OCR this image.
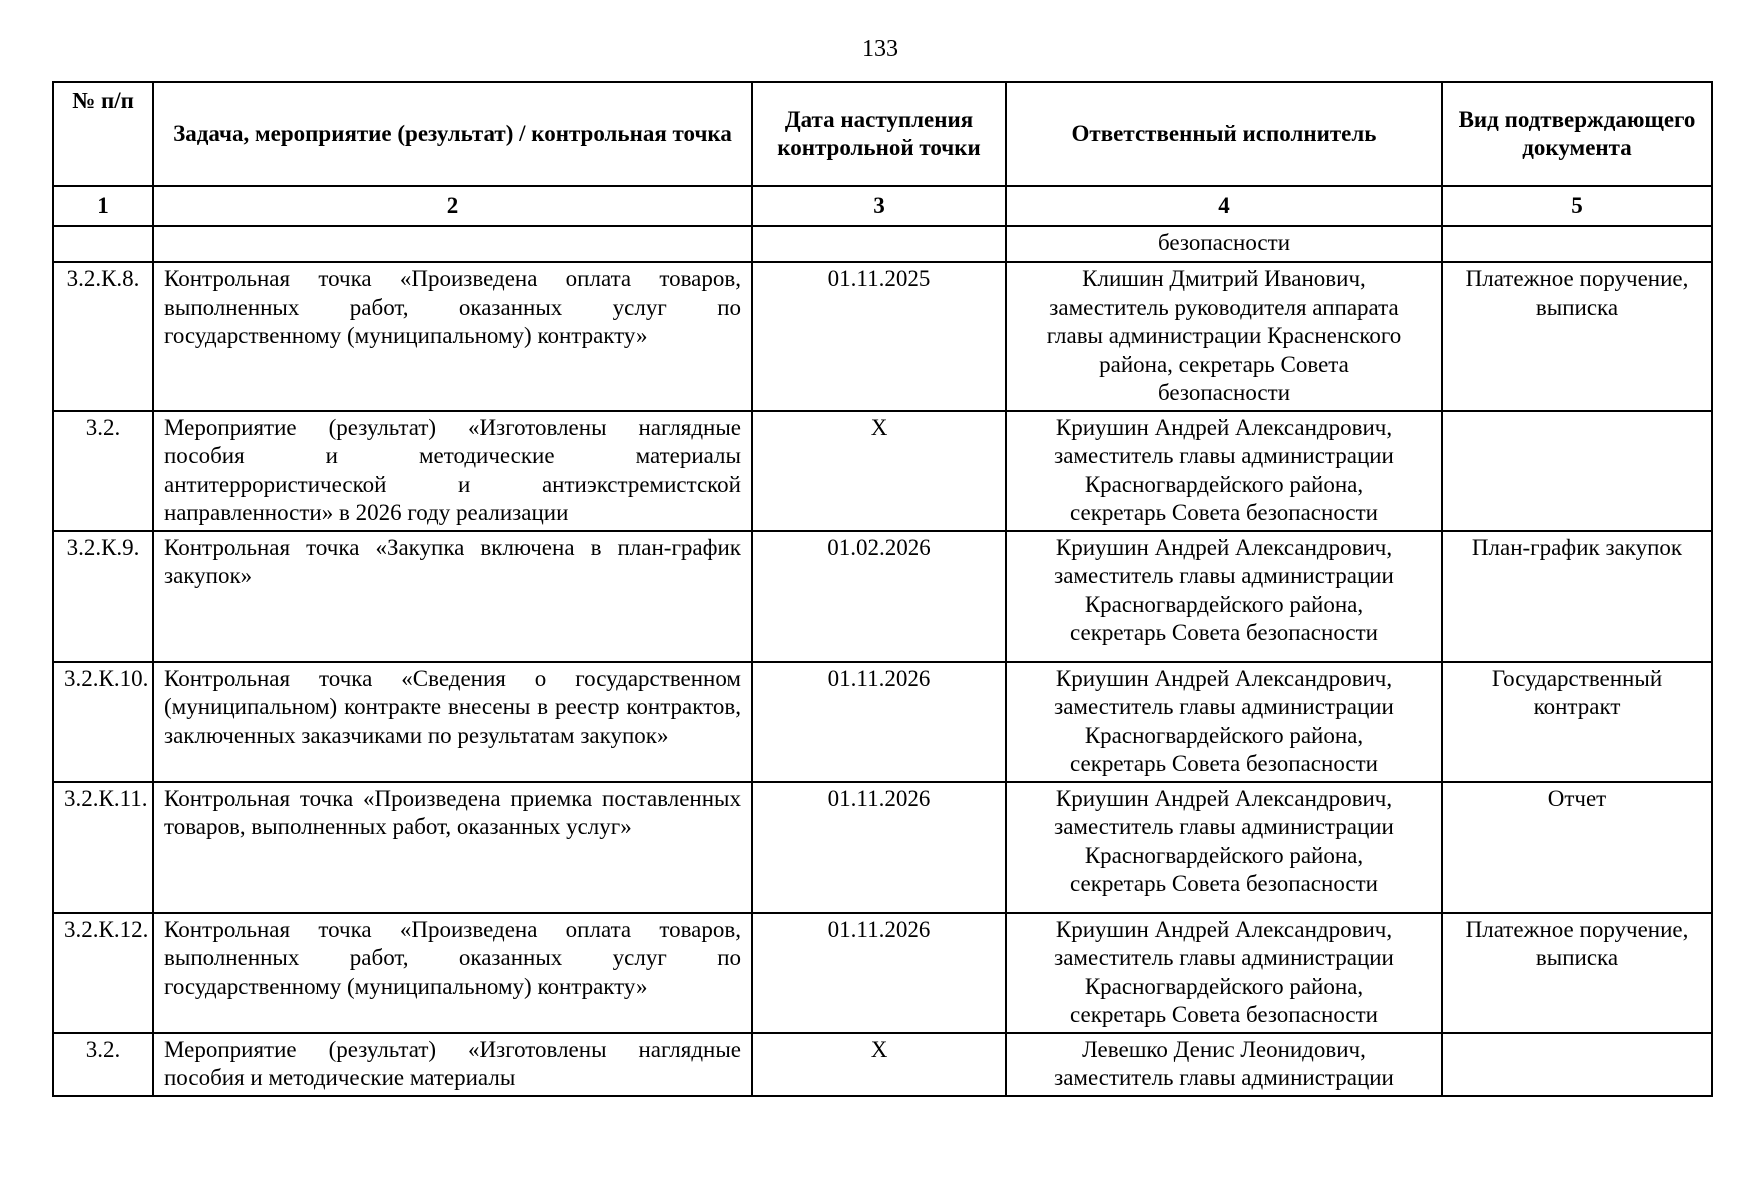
133
№ п/п	Задача, мероприятие (результат) / контрольная точка	Дата наступления контрольной точки	Ответственный исполнитель	Вид подтверждающего документа
1	2	3	4	5

			безопасности	

3.2.К.8.	Контрольная точка «Произведена оплата товаров, выполненных работ, оказанных услуг по государственному (муниципальному) контракту»	01.11.2025	Клишин Дмитрий Иванович,
заместитель руководителя аппарата
главы администрации Красненского
района, секретарь Совета
безопасности	Платежное поручение, выписка
3.2.	Мероприятие (результат) «Изготовлены наглядные пособия и методические материалы антитеррористической и антиэкстремистской направленности» в 2026 году реализации	Х	Криушин Андрей Александрович,
заместитель главы администрации
Красногвардейского района,
секретарь Совета безопасности	

3.2.К.9.	Контрольная точка «Закупка включена в план-график закупок»	01.02.2026	Криушин Андрей Александрович,
заместитель главы администрации
Красногвардейского района,
секретарь Совета безопасности	План-график закупок
3.2.К.10.	Контрольная точка «Сведения о государственном (муниципальном) контракте внесены в реестр контрактов, заключенных заказчиками по результатам закупок»	01.11.2026	Криушин Андрей Александрович,
заместитель главы администрации
Красногвардейского района,
секретарь Совета безопасности	Государственный контракт
3.2.К.11.	Контрольная точка «Произведена приемка поставленных товаров, выполненных работ, оказанных услуг»	01.11.2026	Криушин Андрей Александрович,
заместитель главы администрации
Красногвардейского района,
секретарь Совета безопасности	Отчет
3.2.К.12.	Контрольная точка «Произведена оплата товаров, выполненных работ, оказанных услуг по государственному (муниципальному) контракту»	01.11.2026	Криушин Андрей Александрович,
заместитель главы администрации
Красногвардейского района,
секретарь Совета безопасности	Платежное поручение, выписка
3.2.	Мероприятие (результат) «Изготовлены наглядные пособия и методические материалы	Х	Левешко Денис Леонидович,
заместитель главы администрации	
